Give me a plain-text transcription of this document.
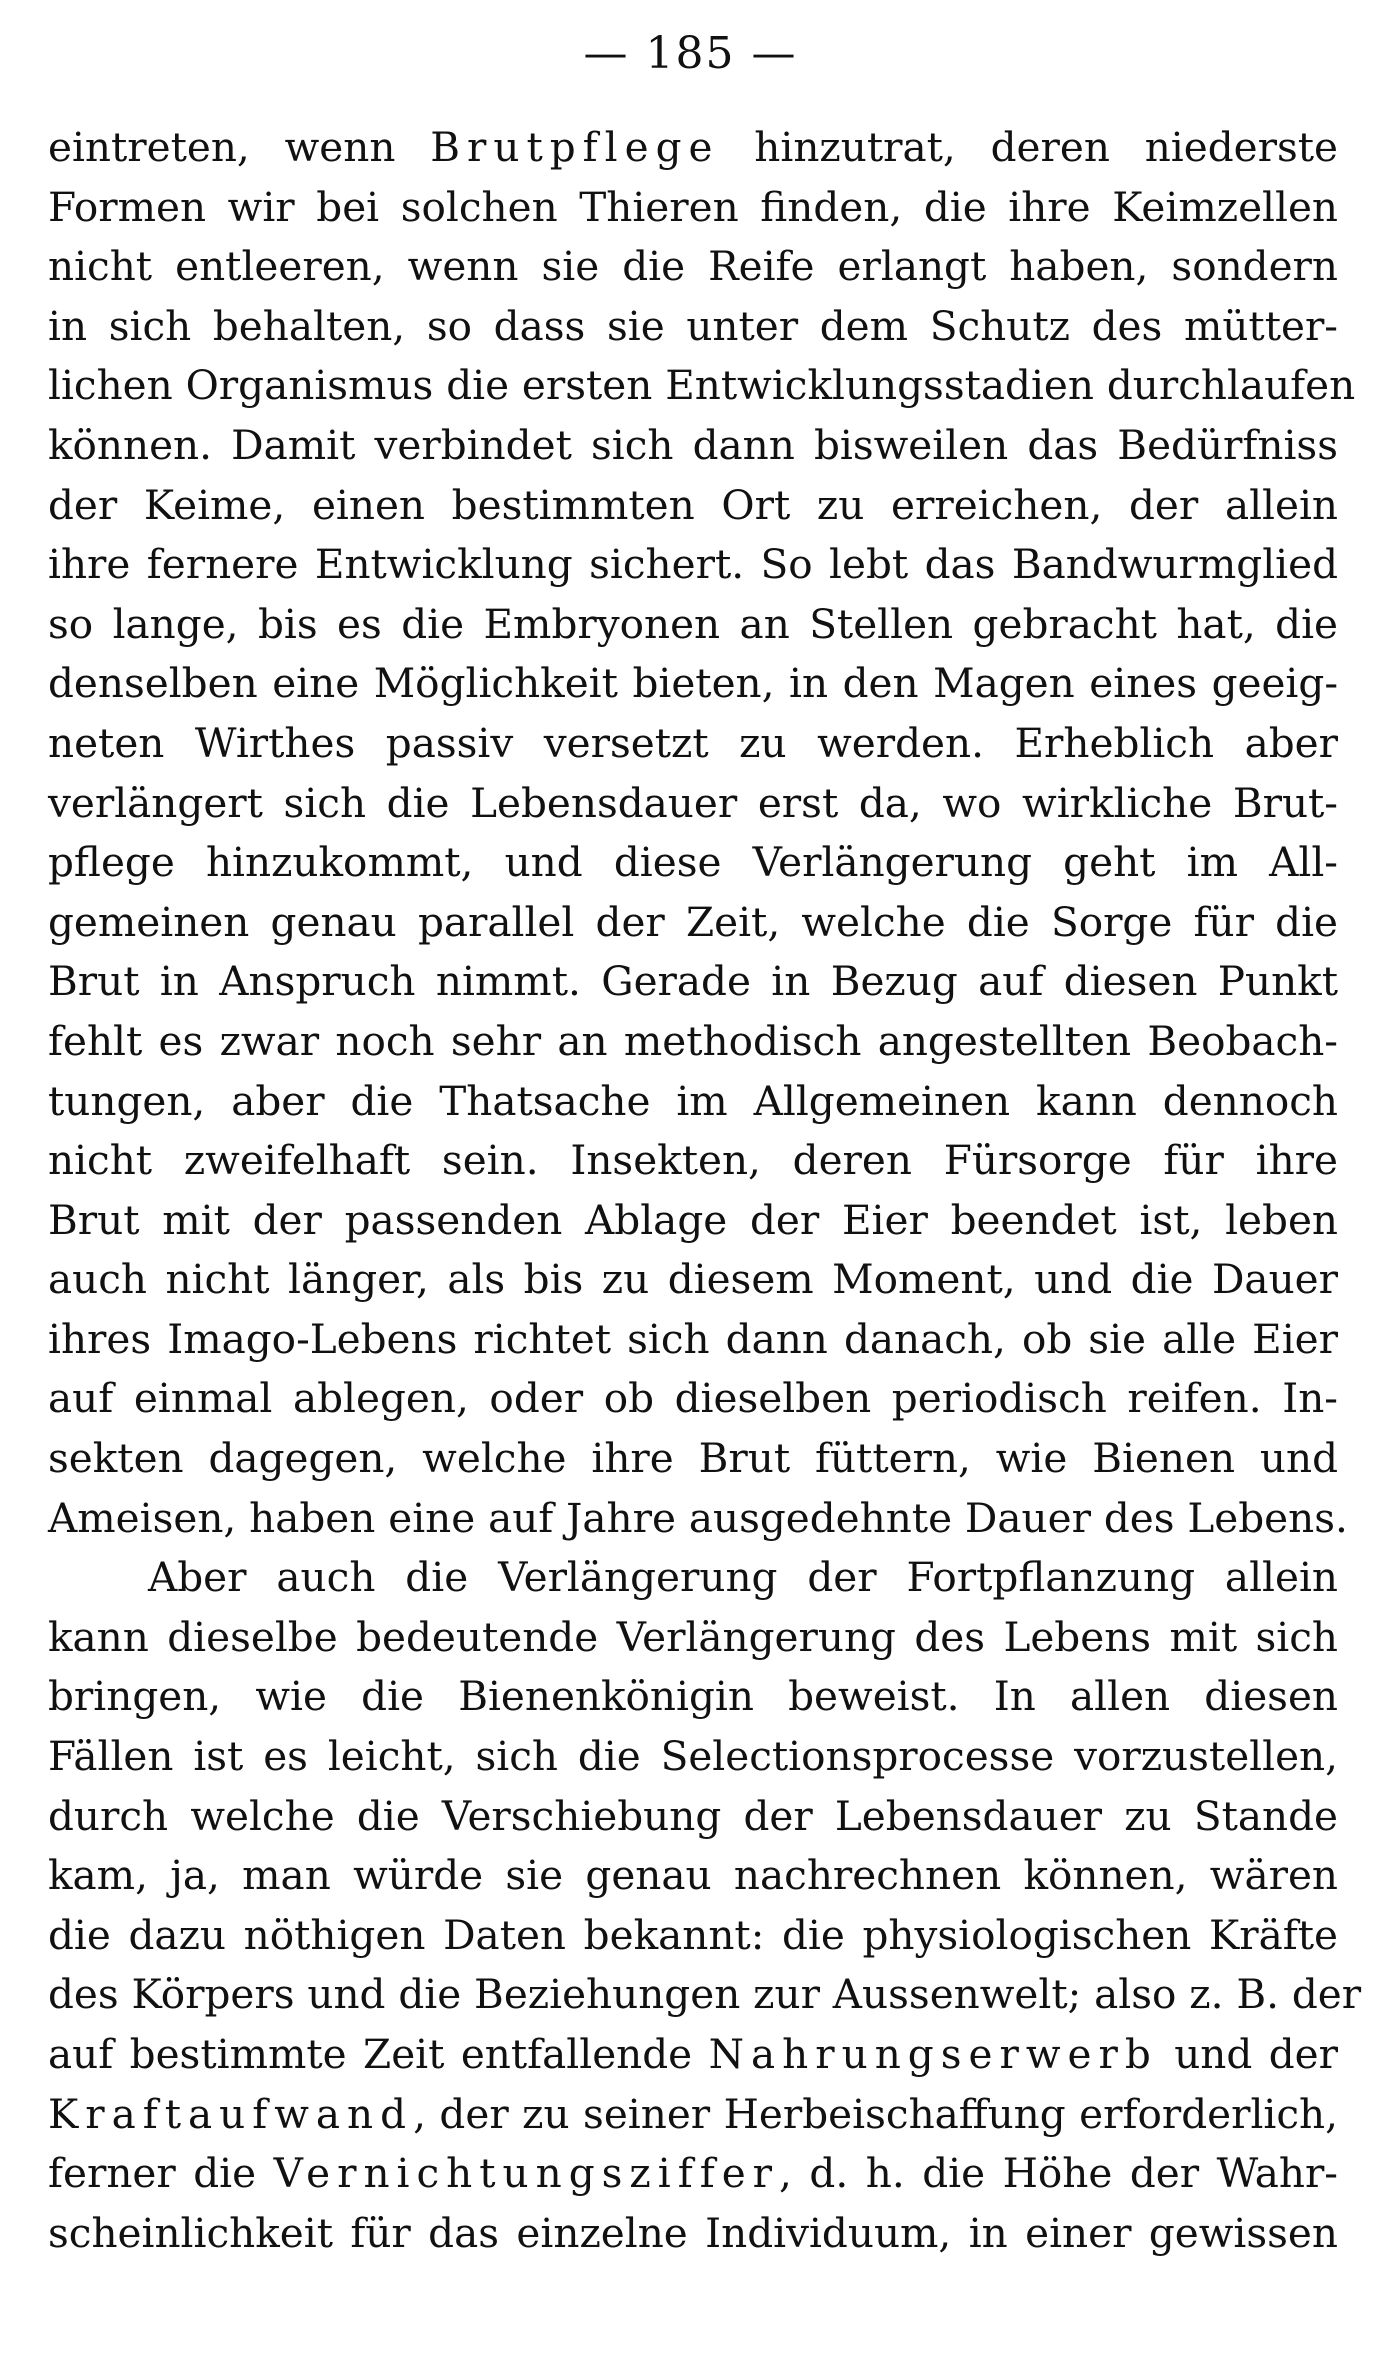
— 185 —
eintreten, wenn Brutpflege hinzutrat, deren niederste
Formen wir bei solchen Thieren finden, die ihre Keimzellen
nicht entleeren, wenn sie die Reife erlangt haben, sondern
in sich behalten, so dass sie unter dem Schutz des mütter-
lichen Organismus die ersten Entwicklungsstadien durchlaufen
können. Damit verbindet sich dann bisweilen das Bedürfniss
der Keime, einen bestimmten Ort zu erreichen, der allein
ihre fernere Entwicklung sichert. So lebt das Bandwurmglied
so lange, bis es die Embryonen an Stellen gebracht hat, die
denselben eine Möglichkeit bieten, in den Magen eines geeig-
neten Wirthes passiv versetzt zu werden. Erheblich aber
verlängert sich die Lebensdauer erst da, wo wirkliche Brut-
pflege hinzukommt, und diese Verlängerung geht im All-
gemeinen genau parallel der Zeit, welche die Sorge für die
Brut in Anspruch nimmt. Gerade in Bezug auf diesen Punkt
fehlt es zwar noch sehr an methodisch angestellten Beobach-
tungen, aber die Thatsache im Allgemeinen kann dennoch
nicht zweifelhaft sein. Insekten, deren Fürsorge für ihre
Brut mit der passenden Ablage der Eier beendet ist, leben
auch nicht länger, als bis zu diesem Moment, und die Dauer
ihres Imago-Lebens richtet sich dann danach, ob sie alle Eier
auf einmal ablegen, oder ob dieselben periodisch reifen. In-
sekten dagegen, welche ihre Brut füttern, wie Bienen und
Ameisen, haben eine auf Jahre ausgedehnte Dauer des Lebens.
Aber auch die Verlängerung der Fortpflanzung allein
kann dieselbe bedeutende Verlängerung des Lebens mit sich
bringen, wie die Bienenkönigin beweist. In allen diesen
Fällen ist es leicht, sich die Selectionsprocesse vorzustellen,
durch welche die Verschiebung der Lebensdauer zu Stande
kam, ja, man würde sie genau nachrechnen können, wären
die dazu nöthigen Daten bekannt: die physiologischen Kräfte
des Körpers und die Beziehungen zur Aussenwelt; also z. B. der
auf bestimmte Zeit entfallende Nahrungserwerb und der
Kraftaufwand, der zu seiner Herbeischaffung erforderlich,
ferner die Vernichtungsziffer, d. h. die Höhe der Wahr-
scheinlichkeit für das einzelne Individuum, in einer gewissen
